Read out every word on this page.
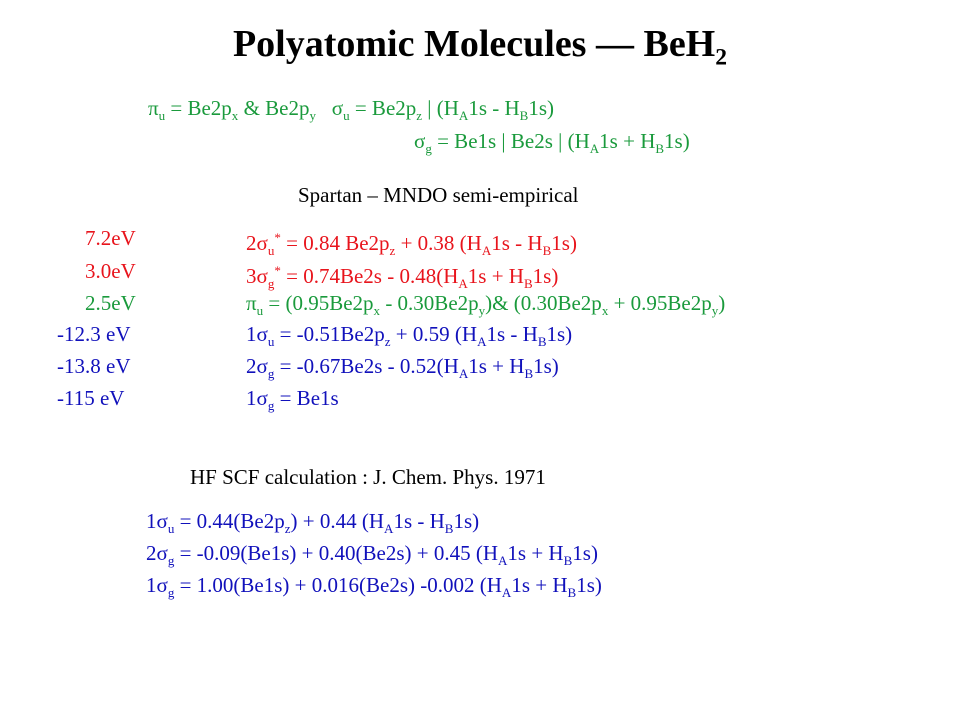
Polyatomic Molecules — BeH$_2$
$\pi_u = Be2p_x$ & $Be2p_y$ $\sigma_u = Be2p_z$ | $(H_A1s - H_B1s)$
$\sigma_g = Be1s$ | Be2s | $(H_A1s + H_B1s)$
Spartan – MNDO semi-empirical
7.2eV
3.0eV
2.5eV
-12.3 eV
-13.8 eV
-115 eV
$2\sigma_u^* = 0.84$ $Be2p_z + 0.38$ $(H_A1s - H_B1s)$
$3\sigma_g^* = 0.74Be2s - 0.48(H_A1s + H_B1s)$
$\pi_u = (0.95Be2p_x$ - $0.30Be2p_y)\&$ $(0.30Be2p_x + 0.95Be2p_y)$
$1\sigma_u = -0.51Be2p_z + 0.59$ $(H_A1s - H_B1s)$
$2\sigma_g = -0.67Be2s - 0.52(H_A1s + H_B1s)$
$1\sigma_g = Be1s$
HF SCF calculation : J. Chem. Phys. 1971
$1\sigma_u = 0.44(Be2p_z) + 0.44$ $(H_A1s - H_B1s)$
$2\sigma_g = -0.09(Be1s) + 0.40(Be2s) + 0.45$ $(H_A1s + H_B1s)$
$1\sigma_g = 1.00(Be1s) + 0.016(Be2s)$ -0.002 $(H_A1s + H_B1s)$
